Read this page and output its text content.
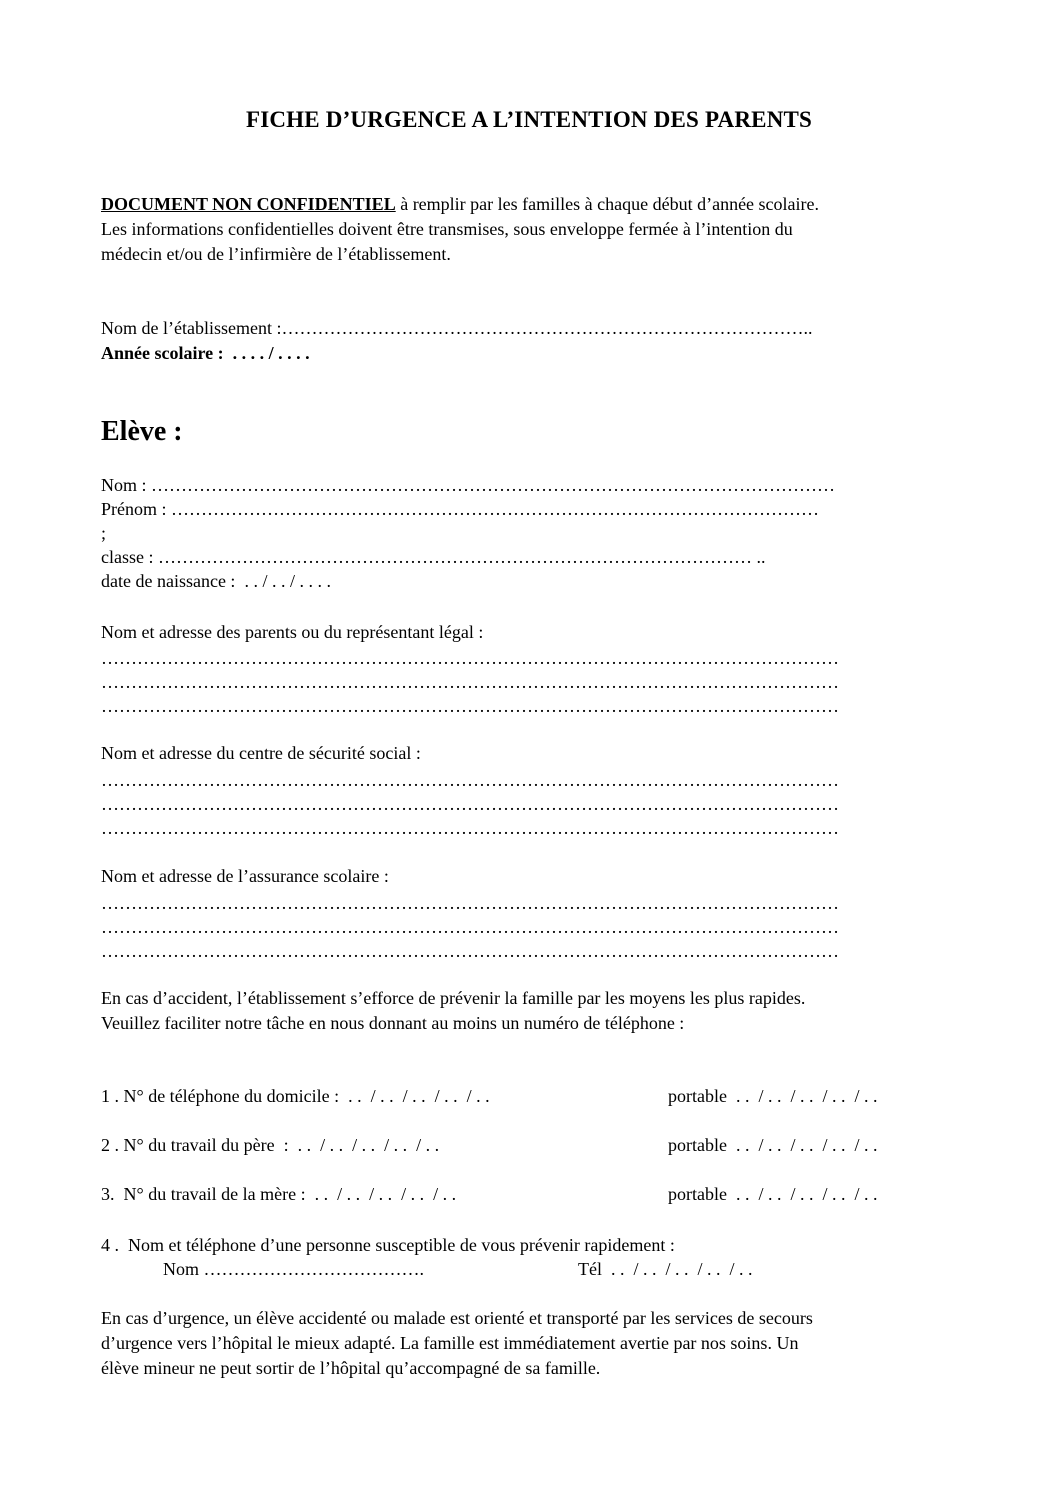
FICHE D’URGENCE A L’INTENTION DES PARENTS
DOCUMENT NON CONFIDENTIEL à remplir par les familles à chaque début d’année scolaire.
Les informations confidentielles doivent être transmises, sous enveloppe fermée à l’intention du
médecin et/ou de l’infirmière de l’établissement.
Nom de l’établissement :……………………………………………………………………………..
Année scolaire :  . . . . / . . . .
Elève :
Nom : ……………………………………………………………………………………………………
Prénom : ………………………………………………………………………………………………
;
classe : ……………………………………………………………………………………… ..
date de naissance :  . . / . . / . . . .
Nom et adresse des parents ou du représentant légal :
……………………………………………………………………………………………………………
……………………………………………………………………………………………………………
……………………………………………………………………………………………………………
Nom et adresse du centre de sécurité social :
……………………………………………………………………………………………………………
……………………………………………………………………………………………………………
……………………………………………………………………………………………………………
Nom et adresse de l’assurance scolaire :
……………………………………………………………………………………………………………
……………………………………………………………………………………………………………
……………………………………………………………………………………………………………
En cas d’accident, l’établissement s’efforce de prévenir la famille par les moyens les plus rapides.
Veuillez faciliter notre tâche en nous donnant au moins un numéro de téléphone :
1 . N° de téléphone du domicile :  . .  / . .  / . .  / . .  / . .	portable  . .  / . .  / . .  / . .  / . .
2 . N° du travail du père  :  . .  / . .  / . .  / . .  / . .	portable  . .  / . .  / . .  / . .  / . .
3.  N° du travail de la mère :  . .  / . .  / . .  / . .  / . .	portable  . .  / . .  / . .  / . .  / . .
4 .  Nom et téléphone d’une personne susceptible de vous prévenir rapidement :
Nom ……………………………….	Tél  . .  / . .  / . .  / . .  / . .
En cas d’urgence, un élève accidenté ou malade est orienté et transporté par les services de secours
d’urgence vers l’hôpital le mieux adapté. La famille est immédiatement avertie par nos soins. Un
élève mineur ne peut sortir de l’hôpital qu’accompagné de sa famille.
